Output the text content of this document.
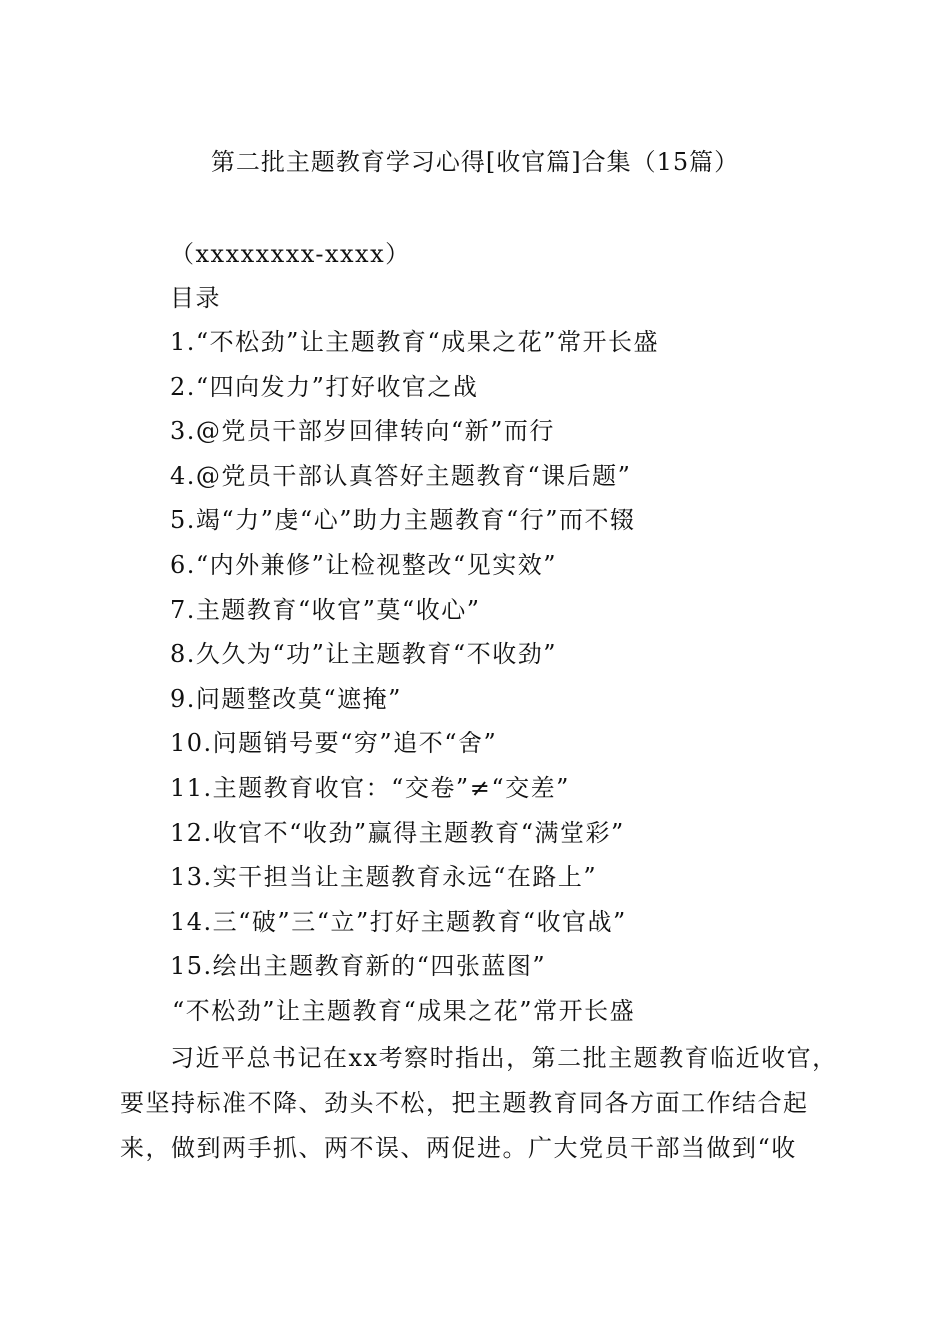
第二批主题教育学习心得[收官篇]合集（15篇）
（xxxxxxxx-xxxx）
目录
1.“不松劲”让主题教育“成果之花”常开长盛
2.“四向发力”打好收官之战
3.@党员干部岁回律转向“新”而行
4.@党员干部认真答好主题教育“课后题”
5.竭“力”虔“心”助力主题教育“行”而不辍
6.“内外兼修”让检视整改“见实效”
7.主题教育“收官”莫“收心”
8.久久为“功”让主题教育“不收劲”
9.问题整改莫“遮掩”
10.问题销号要“穷”追不“舍”
11.主题教育收官：“交卷”≠“交差”
12.收官不“收劲”赢得主题教育“满堂彩”
13.实干担当让主题教育永远“在路上”
14.三“破”三“立”打好主题教育“收官战”
15.绘出主题教育新的“四张蓝图”
“不松劲”让主题教育“成果之花”常开长盛

习近平总书记在xx考察时指出，第二批主题教育临近收官，要坚持标准不降、劲头不松，把主题教育同各方面工作结合起来，做到两手抓、两不误、两促进。广大党员干部当做到“收
